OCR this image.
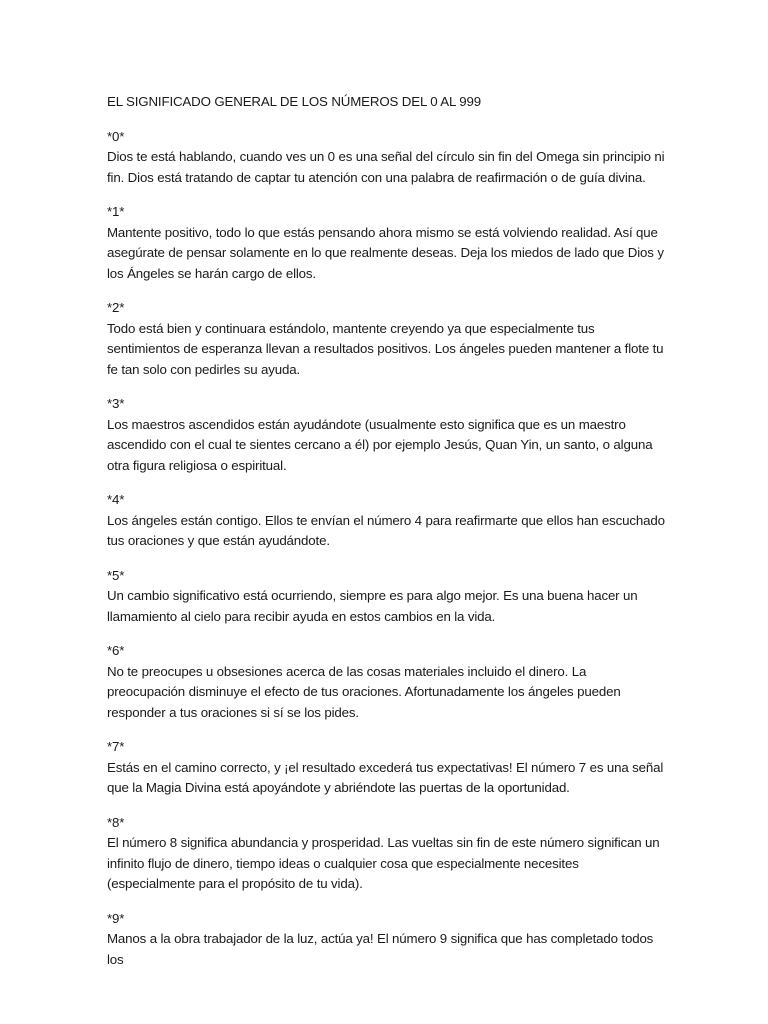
EL SIGNIFICADO GENERAL DE LOS NÚMEROS DEL 0 AL 999

*0*

Dios te está hablando, cuando ves un 0 es una señal del círculo sin fin del Omega sin principio ni fin. Dios está tratando de captar tu atención con una palabra de reafirmación o de guía divina.

*1*

Mantente positivo, todo lo que estás pensando ahora mismo se está volviendo realidad. Así que asegúrate de pensar solamente en lo que realmente deseas. Deja los miedos de lado que Dios y los Ángeles se harán cargo de ellos.

*2*

Todo está bien y continuara estándolo, mantente creyendo ya que especialmente tus sentimientos de esperanza llevan a resultados positivos. Los ángeles pueden mantener a flote tu fe tan solo con pedirles su ayuda.

*3*

Los maestros ascendidos están ayudándote (usualmente esto significa que es un maestro ascendido con el cual te sientes cercano a él) por ejemplo Jesús, Quan Yin, un santo, o alguna otra figura religiosa o espiritual.

*4*

Los ángeles están contigo. Ellos te envían el número 4 para reafirmarte que ellos han escuchado tus oraciones y que están ayudándote.

*5*

Un cambio significativo está ocurriendo, siempre es para algo mejor. Es una buena hacer un llamamiento al cielo para recibir ayuda en estos cambios en la vida.

*6*

No te preocupes u obsesiones acerca de las cosas materiales incluido el dinero. La preocupación disminuye el efecto de tus oraciones. Afortunadamente los ángeles pueden responder a tus oraciones si sí se los pides.

*7*

Estás en el camino correcto, y ¡el resultado excederá tus expectativas! El número 7 es una señal que la Magia Divina está apoyándote y abriéndote las puertas de la oportunidad.

*8*

El número 8 significa abundancia y prosperidad. Las vueltas sin fin de este número significan un infinito flujo de dinero, tiempo ideas o cualquier cosa que especialmente necesites (especialmente para el propósito de tu vida).

*9*

Manos a la obra trabajador de la luz, actúa ya! El número 9 significa que has completado todos los
